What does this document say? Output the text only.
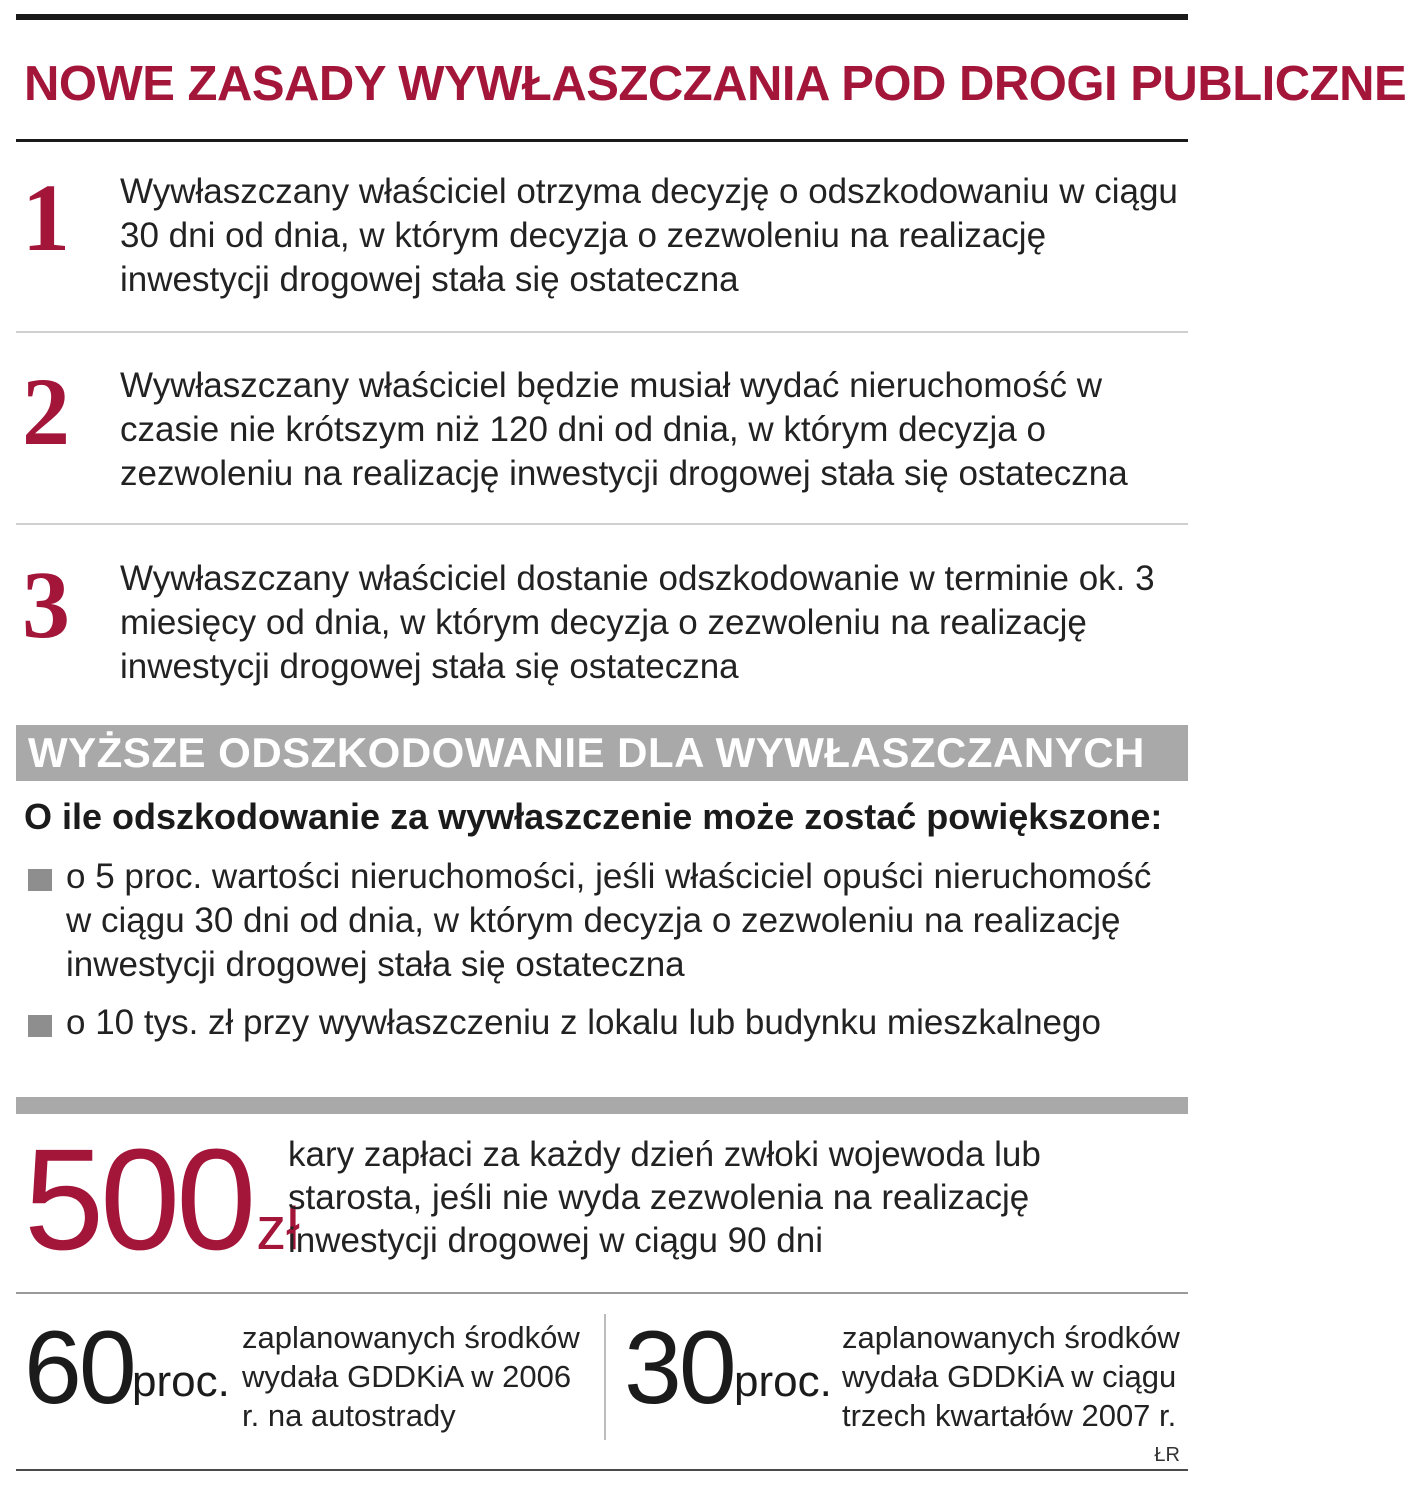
NOWE ZASADY WYWŁASZCZANIA POD DROGI PUBLICZNE
1 Wywłaszczany właściciel otrzyma decyzję o odszkodowaniu w ciągu 30 dni od dnia, w którym decyzja o zezwoleniu na realizację inwestycji drogowej stała się ostateczna
2 Wywłaszczany właściciel będzie musiał wydać nieruchomość w czasie nie krótszym niż 120 dni od dnia, w którym decyzja o zezwoleniu na realizację inwestycji drogowej stała się ostateczna
3 Wywłaszczany właściciel dostanie odszkodowanie w terminie ok. 3 miesięcy od dnia, w którym decyzja o zezwoleniu na realizację inwestycji drogowej stała się ostateczna
WYŻSZE ODSZKODOWANIE DLA WYWŁASZCZANYCH
O ile odszkodowanie za wywłaszczenie może zostać powiększone:
o 5 proc. wartości nieruchomości, jeśli właściciel opuści nieruchomość w ciągu 30 dni od dnia, w którym decyzja o zezwoleniu na realizację inwestycji drogowej stała się ostateczna
o 10 tys. zł przy wywłaszczeniu z lokalu lub budynku mieszkalnego
500zł
kary zapłaci za każdy dzień zwłoki wojewoda lub starosta, jeśli nie wyda zezwolenia na realizację inwestycji drogowej w ciągu 90 dni
60
proc.
zaplanowanych środków wydała GDDKiA w 2006 r. na autostrady	30 proc.
zaplanowanych środków wydała GDDKiA w ciągu trzech kwartałów 2007 r.
ŁR
